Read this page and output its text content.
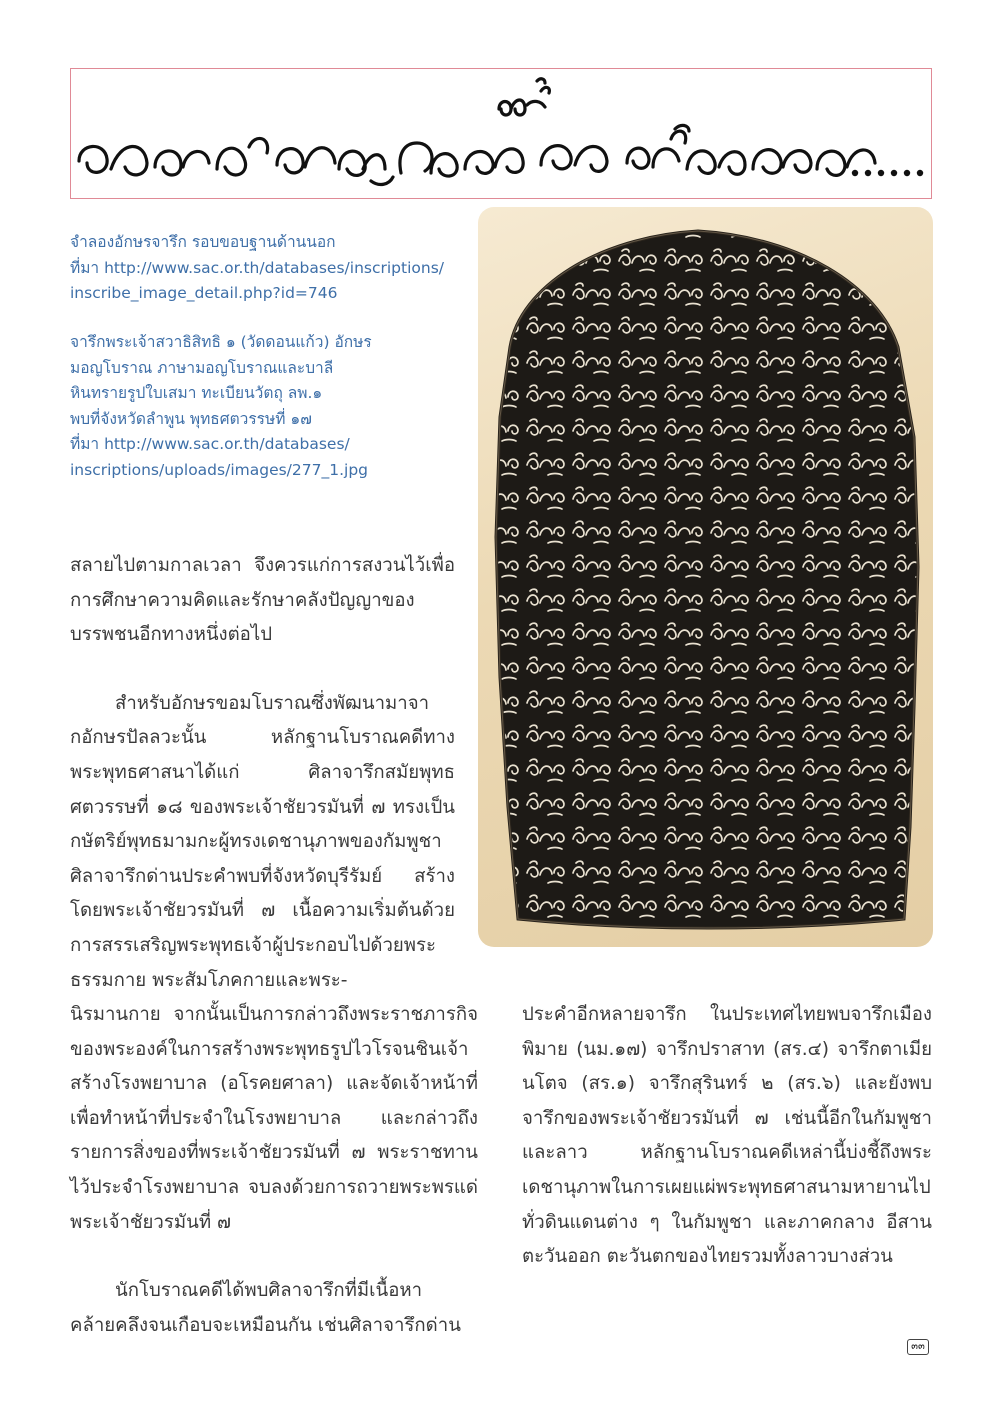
จำลองอักษรจารึก รอบขอบฐานด้านนอก

ที่มา http://www.sac.or.th/databases/inscriptions/

inscribe_image_detail.php?id=746

จารึกพระเจ้าสวาธิสิทธิ ๑ (วัดดอนแก้ว) อักษร

มอญโบราณ ภาษามอญโบราณและบาลี

หินทรายรูปใบเสมา ทะเบียนวัตถุ ลพ.๑

พบที่จังหวัดลำพูน พุทธศตวรรษที่ ๑๗

ที่มา http://www.sac.or.th/databases/

inscriptions/uploads/images/277_1.jpg

สลายไปตามกาลเวลา จึงควรแก่การสงวนไว้เพื่อการศึกษาความคิดและรักษาคลังปัญญาของบรรพชนอีกทางหนึ่งต่อไป

สำหรับอักษรขอมโบราณซึ่งพัฒนามาจากอักษรปัลลวะนั้น หลักฐานโบราณคดีทางพระพุทธศาสนาได้แก่ ศิลาจารึกสมัยพุทธศตวรรษที่ ๑๘ ของพระเจ้าชัยวรมันที่ ๗ ทรงเป็นกษัตริย์พุทธมามกะผู้ทรงเดชานุภาพของกัมพูชา ศิลาจารึกด่านประคำพบที่จังหวัดบุรีรัมย์ สร้างโดยพระเจ้าชัยวรมันที่ ๗ เนื้อความเริ่มต้นด้วยการสรรเสริญพระพุทธเจ้าผู้ประกอบไปด้วยพระธรรมกาย พระสัมโภคกายและพระ-

นิรมานกาย จากนั้นเป็นการกล่าวถึงพระราชภารกิจของพระองค์ในการสร้างพระพุทธรูปไวโรจนชินเจ้า สร้างโรงพยาบาล (อโรคยศาลา) และจัดเจ้าหน้าที่เพื่อทำหน้าที่ประจำในโรงพยาบาล และกล่าวถึงรายการสิ่งของที่พระเจ้าชัยวรมันที่ ๗ พระราชทานไว้ประจำโรงพยาบาล จบลงด้วยการถวายพระพรแด่พระเจ้าชัยวรมันที่ ๗

นักโบราณคดีได้พบศิลาจารึกที่มีเนื้อหาคล้ายคลึงจนเกือบจะเหมือนกัน เช่นศิลาจารึกด่าน

ประคำอีกหลายจารึก ในประเทศไทยพบจารึกเมืองพิมาย (นม.๑๗) จารึกปราสาท (สร.๔) จารึกตาเมียนโตจ (สร.๑) จารึกสุรินทร์ ๒ (สร.๖) และยังพบจารึกของพระเจ้าชัยวรมันที่ ๗ เช่นนี้อีกในกัมพูชาและลาว หลักฐานโบราณคดีเหล่านี้บ่งชี้ถึงพระเดชานุภาพในการเผยแผ่พระพุทธศาสนามหายานไปทั่วดินแดนต่าง ๆ ในกัมพูชา และภาคกลาง อีสาน ตะวันออก ตะวันตกของไทยรวมทั้งลาวบางส่วน

๓๓
